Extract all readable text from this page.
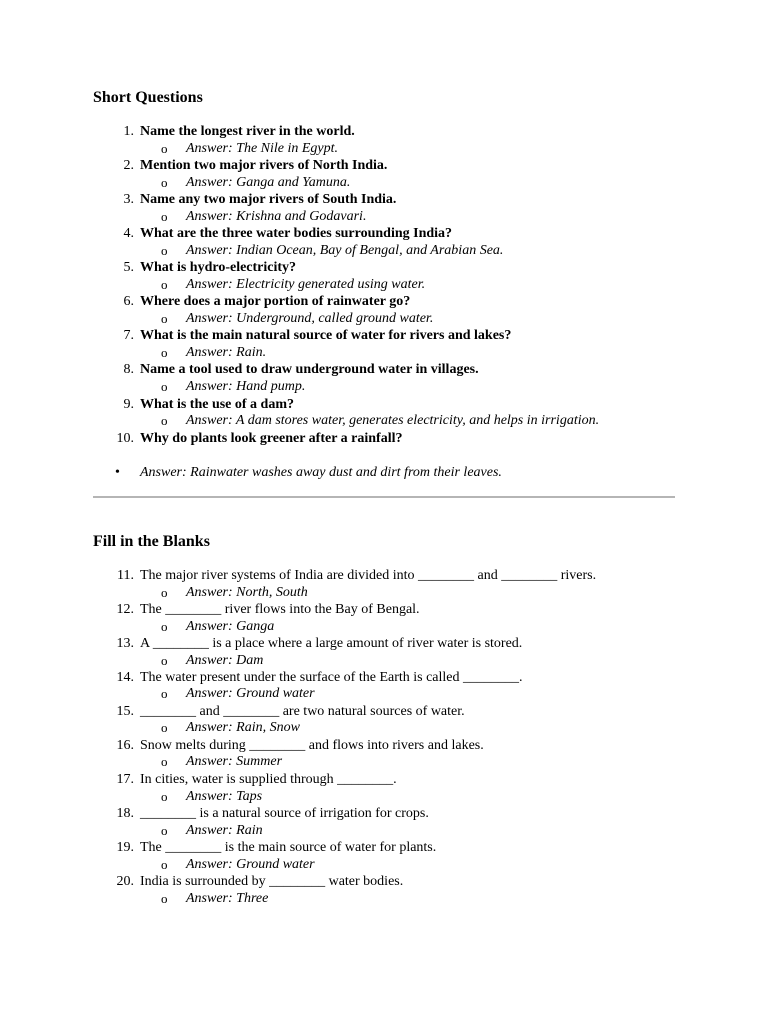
Short Questions
1. Name the longest river in the world.
o Answer: The Nile in Egypt.
2. Mention two major rivers of North India.
o Answer: Ganga and Yamuna.
3. Name any two major rivers of South India.
o Answer: Krishna and Godavari.
4. What are the three water bodies surrounding India?
o Answer: Indian Ocean, Bay of Bengal, and Arabian Sea.
5. What is hydro-electricity?
o Answer: Electricity generated using water.
6. Where does a major portion of rainwater go?
o Answer: Underground, called ground water.
7. What is the main natural source of water for rivers and lakes?
o Answer: Rain.
8. Name a tool used to draw underground water in villages.
o Answer: Hand pump.
9. What is the use of a dam?
o Answer: A dam stores water, generates electricity, and helps in irrigation.
10. Why do plants look greener after a rainfall?
• Answer: Rainwater washes away dust and dirt from their leaves.
Fill in the Blanks
11. The major river systems of India are divided into ________ and ________ rivers.
o Answer: North, South
12. The ________ river flows into the Bay of Bengal.
o Answer: Ganga
13. A ________ is a place where a large amount of river water is stored.
o Answer: Dam
14. The water present under the surface of the Earth is called ________.
o Answer: Ground water
15. ________ and ________ are two natural sources of water.
o Answer: Rain, Snow
16. Snow melts during ________ and flows into rivers and lakes.
o Answer: Summer
17. In cities, water is supplied through ________.
o Answer: Taps
18. ________ is a natural source of irrigation for crops.
o Answer: Rain
19. The ________ is the main source of water for plants.
o Answer: Ground water
20. India is surrounded by ________ water bodies.
o Answer: Three
